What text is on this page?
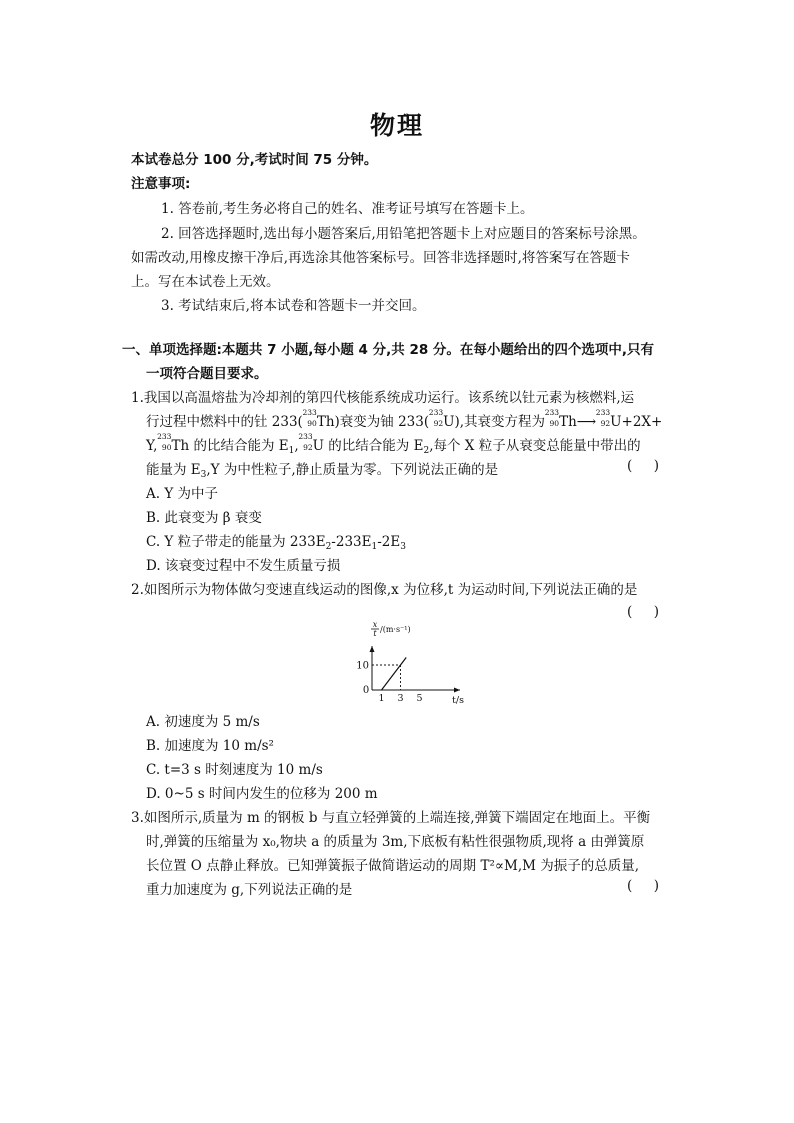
物理
本试卷总分 100 分,考试时间 75 分钟。
注意事项:
1. 答卷前,考生务必将自己的姓名、准考证号填写在答题卡上。
2. 回答选择题时,选出每小题答案后,用铅笔把答题卡上对应题目的答案标号涂黑。
如需改动,用橡皮擦干净后,再选涂其他答案标号。回答非选择题时,将答案写在答题卡
上。写在本试卷上无效。
3. 考试结束后,将本试卷和答题卡一并交回。
一、单项选择题:本题共 7 小题,每小题 4 分,共 28 分。在每小题给出的四个选项中,只有
一项符合题目要求。
1.我国以高温熔盐为冷却剂的第四代核能系统成功运行。该系统以钍元素为核燃料,运
行过程中燃料中的钍 233(
233
90 Th)衰变为铀 233(
233
92 U),其衰变方程为
233
90 Th⟶
233
92 U+2X+
Y,
233
90 Th 的比结合能为 $E_1$,
233
92 U 的比结合能为 $E_2$,每个 X 粒子从衰变总能量中带出的
能量为 $E_3,Y$ 为中性粒子,静止质量为零。下列说法正确的是	(     )
A. Y 为中子
B. 此衰变为 β 衰变
C. Y 粒子带走的能量为 $233E_2-233E_1-2E_3$
D. 该衰变过程中不发生质量亏损
2.如图所示为物体做匀变速直线运动的图像,x 为位移,t 为运动时间,下列说法正确的是
(     )
0
1 3 5
10
t/s
x
t /(m·s⁻¹)
A. 初速度为 5 m/s
B. 加速度为 10 m/s²
C. t=3 s 时刻速度为 10 m/s
D. 0~5 s 时间内发生的位移为 200 m
3.如图所示,质量为 m 的钢板 b 与直立轻弹簧的上端连接,弹簧下端固定在地面上。平衡
时,弹簧的压缩量为 x₀,物块 a 的质量为 3m,下底板有粘性很强物质,现将 a 由弹簧原
长位置 O 点静止释放。已知弹簧振子做简谐运动的周期 T²∝M,M 为振子的总质量,
重力加速度为 g,下列说法正确的是	(     )
